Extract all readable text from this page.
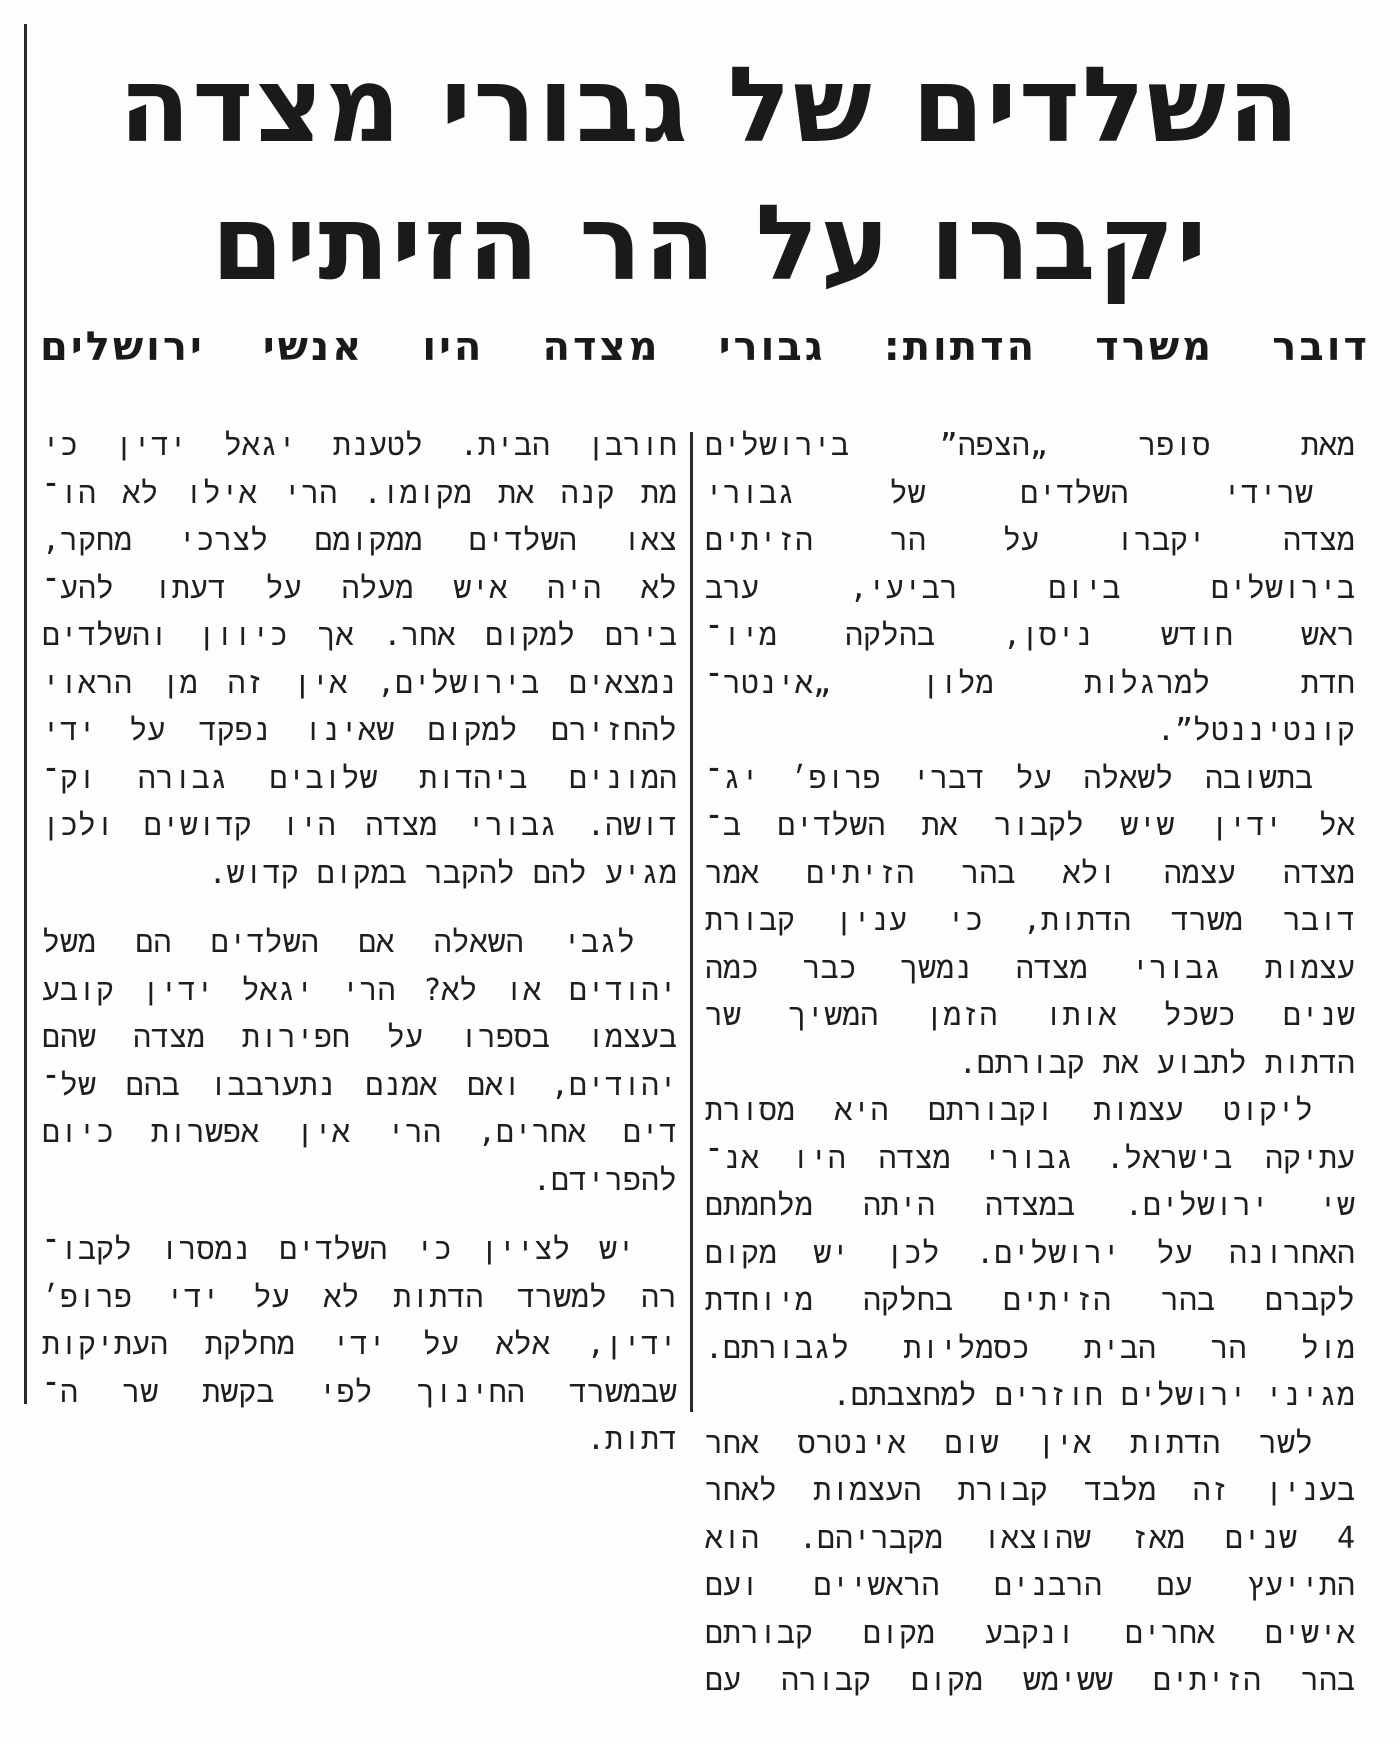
השלדים של גבורי מצדה
יקברו על הר הזיתים
דובר משרד הדתות: גבורי מצדה היו אנשי ירושלים
מאת סופר „הצפה” בירושלים
שרידי השלדים של גבורי
מצדה יקברו על הר הזיתים
בירושלים ביום רביעי, ערב
ראש חודש ניסן, בהלקה מיו־
חדת למרגלות מלון „אינטר־
קונטיננטל”.
בתשובה לשאלה על דברי פרופ׳ יג־
אל ידין שיש לקבור את השלדים ב־
מצדה עצמה ולא בהר הזיתים אמר
דובר משרד הדתות, כי ענין קבורת
עצמות גבורי מצדה נמשך כבר כמה
שנים כשכל אותו הזמן המשיך שר
הדתות לתבוע את קבורתם.
ליקוט עצמות וקבורתם היא מסורת
עתיקה בישראל. גבורי מצדה היו אנ־
שי ירושלים. במצדה היתה מלחמתם
האחרונה על ירושלים. לכן יש מקום
לקברם בהר הזיתים בחלקה מיוחדת
מול הר הבית כסמליות לגבורתם.
מגיני ירושלים חוזרים למחצבתם.
לשר הדתות אין שום אינטרס אחר
בענין זה מלבד קבורת העצמות לאחר
4 שנים מאז שהוצאו מקבריהם. הוא
התייעץ עם הרבנים הראשיים ועם
אישים אחרים ונקבע מקום קבורתם
בהר הזיתים ששימש מקום קבורה עם
חורבן הבית. לטענת יגאל ידין כי
מת קנה את מקומו. הרי אילו לא הו־
צאו השלדים ממקומם לצרכי מחקר,
לא היה איש מעלה על דעתו להע־
בירם למקום אחר. אך כיוון והשלדים
נמצאים בירושלים, אין זה מן הראוי
להחזירם למקום שאינו נפקד על ידי
המונים ביהדות שלובים גבורה וק־
דושה. גבורי מצדה היו קדושים ולכן
מגיע להם להקבר במקום קדוש.
לגבי השאלה אם השלדים הם משל
יהודים או לא? הרי יגאל ידין קובע
בעצמו בספרו על חפירות מצדה שהם
יהודים, ואם אמנם נתערבבו בהם של־
דים אחרים, הרי אין אפשרות כיום
להפרידם.
יש לציין כי השלדים נמסרו לקבו־
רה למשרד הדתות לא על ידי פרופ׳
ידין, אלא על ידי מחלקת העתיקות
שבמשרד החינוך לפי בקשת שר ה־
דתות.
